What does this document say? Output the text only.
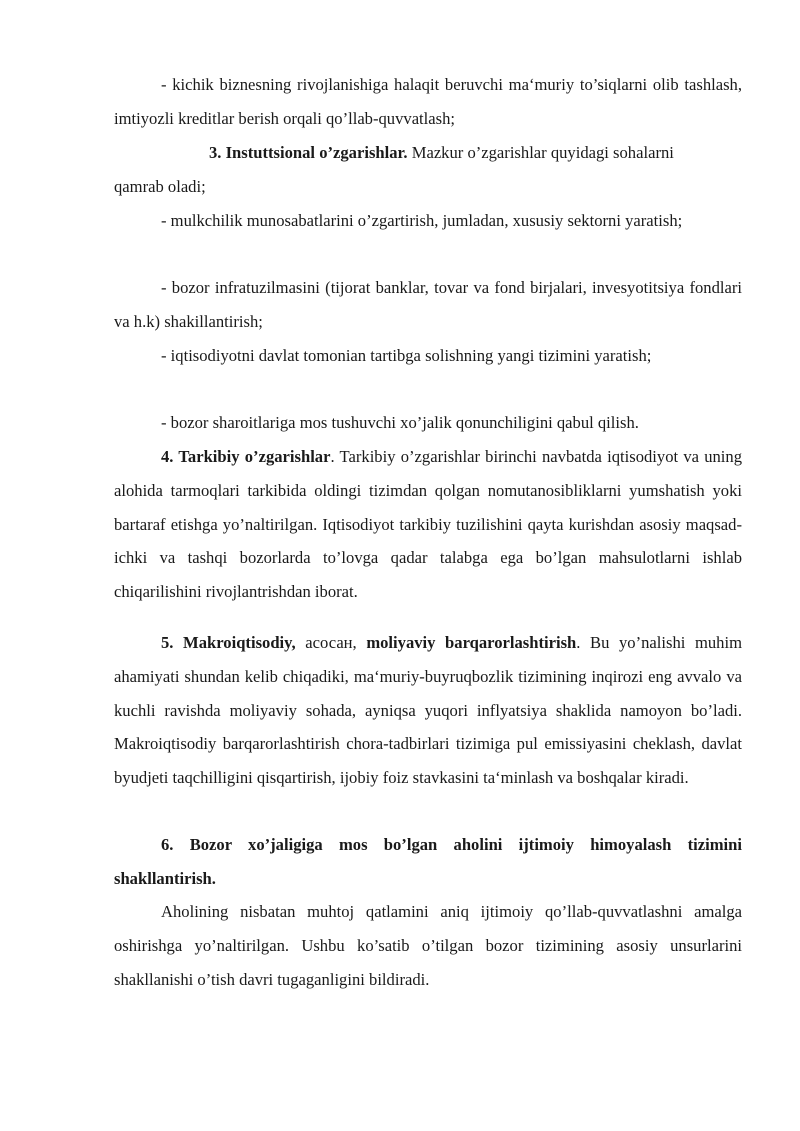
- kichik biznesning rivojlanishiga halaqit beruvchi ma‘muriy to’siqlarni olib tashlash, imtiyozli kreditlar berish orqali qo’llab-quvvatlash;

3. Instuttsional o’zgarishlar. Mazkur o’zgarishlar quyidagi sohalarni

qamrab oladi;

- mulkchilik munosabatlarini o’zgartirish, jumladan, xususiy sektorni yaratish;

- bozor infratuzilmasini (tijorat banklar, tovar va fond birjalari, invesyotitsiya fondlari va h.k) shakillantirish;

- iqtisodiyotni davlat tomonian tartibga solishning yangi tizimini yaratish;

- bozor sharoitlariga mos tushuvchi xo’jalik qonunchiligini qabul qilish.

4. Tarkibiy o’zgarishlar. Tarkibiy o’zgarishlar birinchi navbatda iqtisodiyot va uning alohida tarmoqlari tarkibida oldingi tizimdan qolgan nomutanosibliklarni yumshatish yoki bartaraf etishga yo’naltirilgan. Iqtisodiyot tarkibiy tuzilishini qayta kurishdan asosiy maqsad-ichki va tashqi bozorlarda to’lovga qadar talabga ega bo’lgan mahsulotlarni ishlab chiqarilishini rivojlantrishdan iborat.

5. Makroiqtisodiy, асосан, moliyaviy barqarorlashtirish. Bu yo’nalishi muhim ahamiyati shundan kelib chiqadiki, ma‘muriy-buyruqbozlik tizimining inqirozi eng avvalo va kuchli ravishda moliyaviy sohada, ayniqsa yuqori inflyatsiya shaklida namoyon bo’ladi. Makroiqtisodiy barqarorlashtirish chora-tadbirlari tizimiga pul emissiyasini cheklash, davlat byudjeti taqchilligini qisqartirish, ijobiy foiz stavkasini ta‘minlash va boshqalar kiradi.

6. Bozor xo’jaligiga mos bo’lgan aholini ijtimoiy himoyalash tizimini shakllantirish.

Aholining nisbatan muhtoj qatlamini aniq ijtimoiy qo’llab-quvvatlashni amalga oshirishga yo’naltirilgan. Ushbu ko’satib o’tilgan bozor tizimining asosiy unsurlarini shakllanishi o’tish davri tugaganligini bildiradi.
